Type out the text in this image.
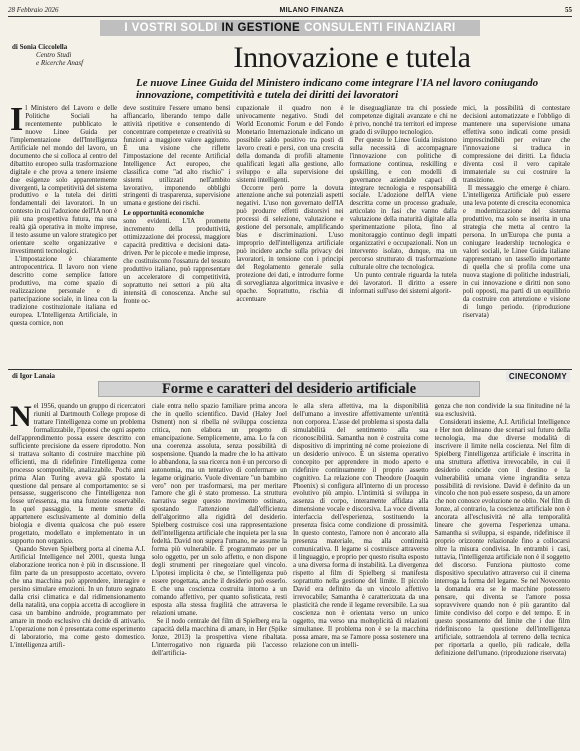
28 Febbraio 2026	MILANO FINANZA	55
I VOSTRI SOLDI IN GESTIONE CONSULENTI FINANZIARI
di Sonia Ciccolella
Centro Studi
e Ricerche Anasf	Innovazione e tutela
Le nuove Linee Guida del Ministero indicano come integrare l'IA nel lavoro coniugando innovazione, competitività e tutela dei diritti dei lavoratori
I l Ministero del Lavoro e delle Politiche Sociali ha recentemente pubblicato le nuove Linee Guida per l'implementazione dell'Intelligenza Artificiale nel mondo del lavoro, un documento che si colloca al centro del dibattito europeo sulla trasformazione digitale e che prova a tenere insieme due esigenze solo apparentemente divergenti, la competitività del sistema produttivo e la tutela dei diritti fondamentali dei lavoratori. In un contesto in cui l'adozione dell'IA non è più una prospettiva futura, ma una realtà già operativa in molte imprese, il testo assume un valore strategico per orientare scelte organizzative e investimenti tecnologici.

L'impostazione è chiaramente antropocentrica. Il lavoro non viene descritto come semplice fattore produttivo, ma come spazio di realizzazione personale e di partecipazione sociale, in linea con la tradizione costituzionale italiana ed europea. L'Intelligenza Artificiale, in questa cornice, non

deve sostituire l'essere umano bensì affiancarlo, liberando tempo dalle attività ripetitive e consentendo di concentrare competenze e creatività su funzioni a maggiore valore aggiunto. È una visione che riflette l'impostazione del recente Artificial Intelligence Act europeo, che classifica come "ad alto rischio" i sistemi utilizzati nell'ambito lavorativo, imponendo obblighi stringenti di trasparenza, supervisione umana e gestione dei rischi.

Le opportunità economiche

sono evidenti. L'IA promette incremento della produttività, ottimizzazione dei processi, maggiore capacità predittiva e decisioni data-driven. Per le piccole e medie imprese, che costituiscono l'ossatura del tessuto produttivo italiano, può rappresentare un acceleratore di competitività, soprattutto nei settori a più alta intensità di conoscenza. Anche sul fronte oc-

cupazionale il quadro non è univocamente negativo. Studi del World Economic Forum e del Fondo Monetario Internazionale indicano un possibile saldo positivo tra posti di lavoro creati e persi, con una crescita della domanda di profili altamente qualificati legati alla gestione, allo sviluppo e alla supervisione dei sistemi intelligenti.

Occorre però porre la dovuta attenzione anche sui potenziali aspetti negativi. L'uso non governato dell'IA può produrre effetti distorsivi nei processi di selezione, valutazione e gestione del personale, amplificando bias e discriminazioni. L'uso improprio dell'intelligenza artificiale può incidere anche sulla privacy dei lavoratori, in tensione con i principi del Regolamento generale sulla protezione dei dati, e introdurre forme di sorveglianza algoritmica invasive e opache. Soprattutto, rischia di accentuare

le diseguaglianze tra chi possiede competenze digitali avanzate e chi ne è privo, nonché tra territori ed imprese grado di sviluppo tecnologico.

Per questo le Linee Guida insistono sulla necessità di accompagnare l'innovazione con politiche di formazione continua, reskilling e upskilling, e con modelli di governance aziendale capaci di integrare tecnologia e responsabilità sociale. L'adozione dell'IA viene descritta come un processo graduale, articolato in fasi che vanno dalla valutazione della maturità digitale alla sperimentazione pilota, fino al monitoraggio continuo degli impatti organizzativi e occupazionali. Non un intervento isolato, dunque, ma un percorso strutturato di trasformazione culturale oltre che tecnologica.

Un punto centrale riguarda la tutela dei lavoratori. Il diritto a essere informati sull'uso dei sistemi algorit-

mici, la possibilità di contestare decisioni automatizzate e l'obbligo di mantenere una supervisione umana effettiva sono indicati come presidi imprescindibili per evitare che l'innovazione si traduca in compressione dei diritti. La fiducia diventa così il vero capitale immateriale su cui costruire la transizione.

Il messaggio che emerge è chiaro. L'intelligenza Artificiale può essere una leva potente di crescita economica e modernizzazione del sistema produttivo, ma solo se inserita in una strategia che metta al centro la persona. In un'Europa che punta a coniugare leadership tecnologica e valori sociali, le Linee Guida italiane rappresentano un tassello importante di quella che si profila come una nuova stagione di politiche industriali, in cui innovazione e diritti non sono poli opposti, ma parti di un equilibrio da costruire con attenzione e visione di lungo periodo. (riproduzione riservata)

di Igor Lanaia	CINECONOMY
Forme e caratteri del desiderio artificiale
N el 1956, quando un gruppo di ricercatori riuniti al Dartmouth College propose di trattare l'intelligenza come un problema formalizzabile, l'ipotesi che ogni aspetto dell'apprendimento possa essere descritto con sufficiente precisione da essere riprodotto. Non si trattava soltanto di costruire macchine più efficienti, ma di ridefinire l'intelligenza come processo scomponibile, analizzabile. Pochi anni prima Alan Turing aveva già spostato la questione dal pensare al comportamento: se si pensasse, suggeriscono che l'intelligenza non fosse un'essenza, ma una funzione osservabile. In quel passaggio, la mente smette di appartenere esclusivamente al dominio della biologia e diventa qualcosa che può essere progettato, modellato e implementato in un supporto non organico.

Quando Steven Spielberg porta al cinema A.I. Artificial Intelligence nel 2001, questa lunga elaborazione teorica non è più in discussione. Il film parte da un presupposto accettato, ovvero che una macchina può apprendere, interagire e persino simulare emozioni. In un futuro segnato dalla crisi climatica e dal ridimensionamento della natalità, una coppia accetta di accogliere in casa un bambino androide, programmato per amare in modo esclusivo chi decide di attivarlo. L'operazione non è presentata come esperimento di laboratorio, ma come gesto domestico. L'intelligenza artifi-

ciale entra nello spazio familiare prima ancora che in quello scientifico. David (Haley Joel Osment) non si ribella né sviluppa coscienza critica, non elabora un progetto di emancipazione. Semplicemente, ama. Lo fa con una coerenza assoluta, senza possibilità di sospensione. Quando la madre che lo ha attivato lo abbandona, la sua ricerca non è un percorso di autonomia, ma un tentativo di confermare un legame originario. Vuole diventare "un bambino vero" non per trasformarsi, ma per meritare l'amore che gli è stato promesso. La struttura narrativa segue questo movimento ostinato, spostando l'attenzione dall'efficienza dell'algoritmo alla rigidità del desiderio. Spielberg costruisce così una rappresentazione dell'intelligenza artificiale che inquieta per la sua fedeltà. David non supera l'umano, ne assume la forma più vulnerabile. È programmato per un solo oggetto, per un solo affetto, e non dispone degli strumenti per rinegoziare quel vincolo. L'ipotesi implicita è che, se l'intelligenza può essere progettata, anche il desiderio può esserlo. E che una coscienza costruita intorno a un comando affettivo, per quanto sofisticata, resti esposta alla stessa fragilità che attraversa le relazioni umane.

Se il nodo centrale del film di Spielberg era la capacità della macchina di amare, in Her (Spike Jonze, 2013) la prospettiva viene ribaltata. L'interrogativo non riguarda più l'accesso dell'artificia-

le alla sfera affettiva, ma la disponibilità dell'umano a investire affettivamente un'entità non corporea. L'asse del problema si sposta dalla simulabilità del sentimento alla sua riconoscibilità. Samantha non è costruita come dispositivo di imprinting né come proiezione di un desiderio univoco. È un sistema operativo concepito per apprendere in modo aperto e ridefinire continuamente il proprio assetto cognitivo. La relazione con Theodore (Joaquin Phoenix) si configura all'interno di un processo evolutivo più ampio. L'intimità si sviluppa in assenza di corpo, interamente affidata alla dimensione vocale e discorsiva. La voce diventa interfaccia dell'esperienza, sostituendo la presenza fisica come condizione di prossimità. In questo contesto, l'amore non è ancorato alla presenza materiale, ma alla continuità comunicativa. Il legame si costruisce attraverso il linguaggio, e proprio per questo risulta esposto a una diversa forma di instabilità. La divergenza rispetto al film di Spielberg si manifesta soprattutto nella gestione del limite. Il piccolo David era definito da un vincolo affettivo irrevocabile; Samantha è caratterizzata da una plasticità che rende il legame reversibile. La sua coscienza non è orientata verso un unico oggetto, ma verso una molteplicità di relazioni simultanee. Il problema non è se la macchina possa amare, ma se l'amore possa sostenere una relazione con un intelli-

genza che non condivide la sua finitudine né la sua esclusività.

Considerati insieme, A.I. Artificial Intelligence e Her non delineano due scenari sul futuro della tecnologia, ma due diverse modalità di inscrivere il limite nella coscienza. Nel film di Spielberg l'intelligenza artificiale è inscritta in una struttura affettiva irrevocabile, in cui il desiderio coincide con il destino e la vulnerabilità umana viene ingrandita senza possibilità di revisione. David è definito da un vincolo che non può essere sospeso, da un amore che non conosce evoluzione ne oblio. Nel film di Jonze, al contrario, la coscienza artificiale non è ancorata all'esclusività né alla temporalità lineare che governa l'esperienza umana. Samantha si sviluppa, si espande, ridefinisce il proprio orizzonte relazionale fino a collocarsi oltre la misura condivisa. In entrambi i casi, tuttavia, l'intelligenza artificiale non è il soggetto del discorso. Funziona piuttosto come dispositivo speculativo attraverso cui il cinema interroga la forma del legame. Se nel Novecento la domanda era se le macchine potessero pensare, qui diventa se l'amore possa sopravvivere quando non è più garantito dal limite condiviso del corpo e del tempo. E in questo spostamento del limite che i due film ridefiniscono la questione dell'intelligenza artificiale, sottraendola al terreno della tecnica per riportarla a quello, più radicale, della definizione dell'umano. (riproduzione riservata)
